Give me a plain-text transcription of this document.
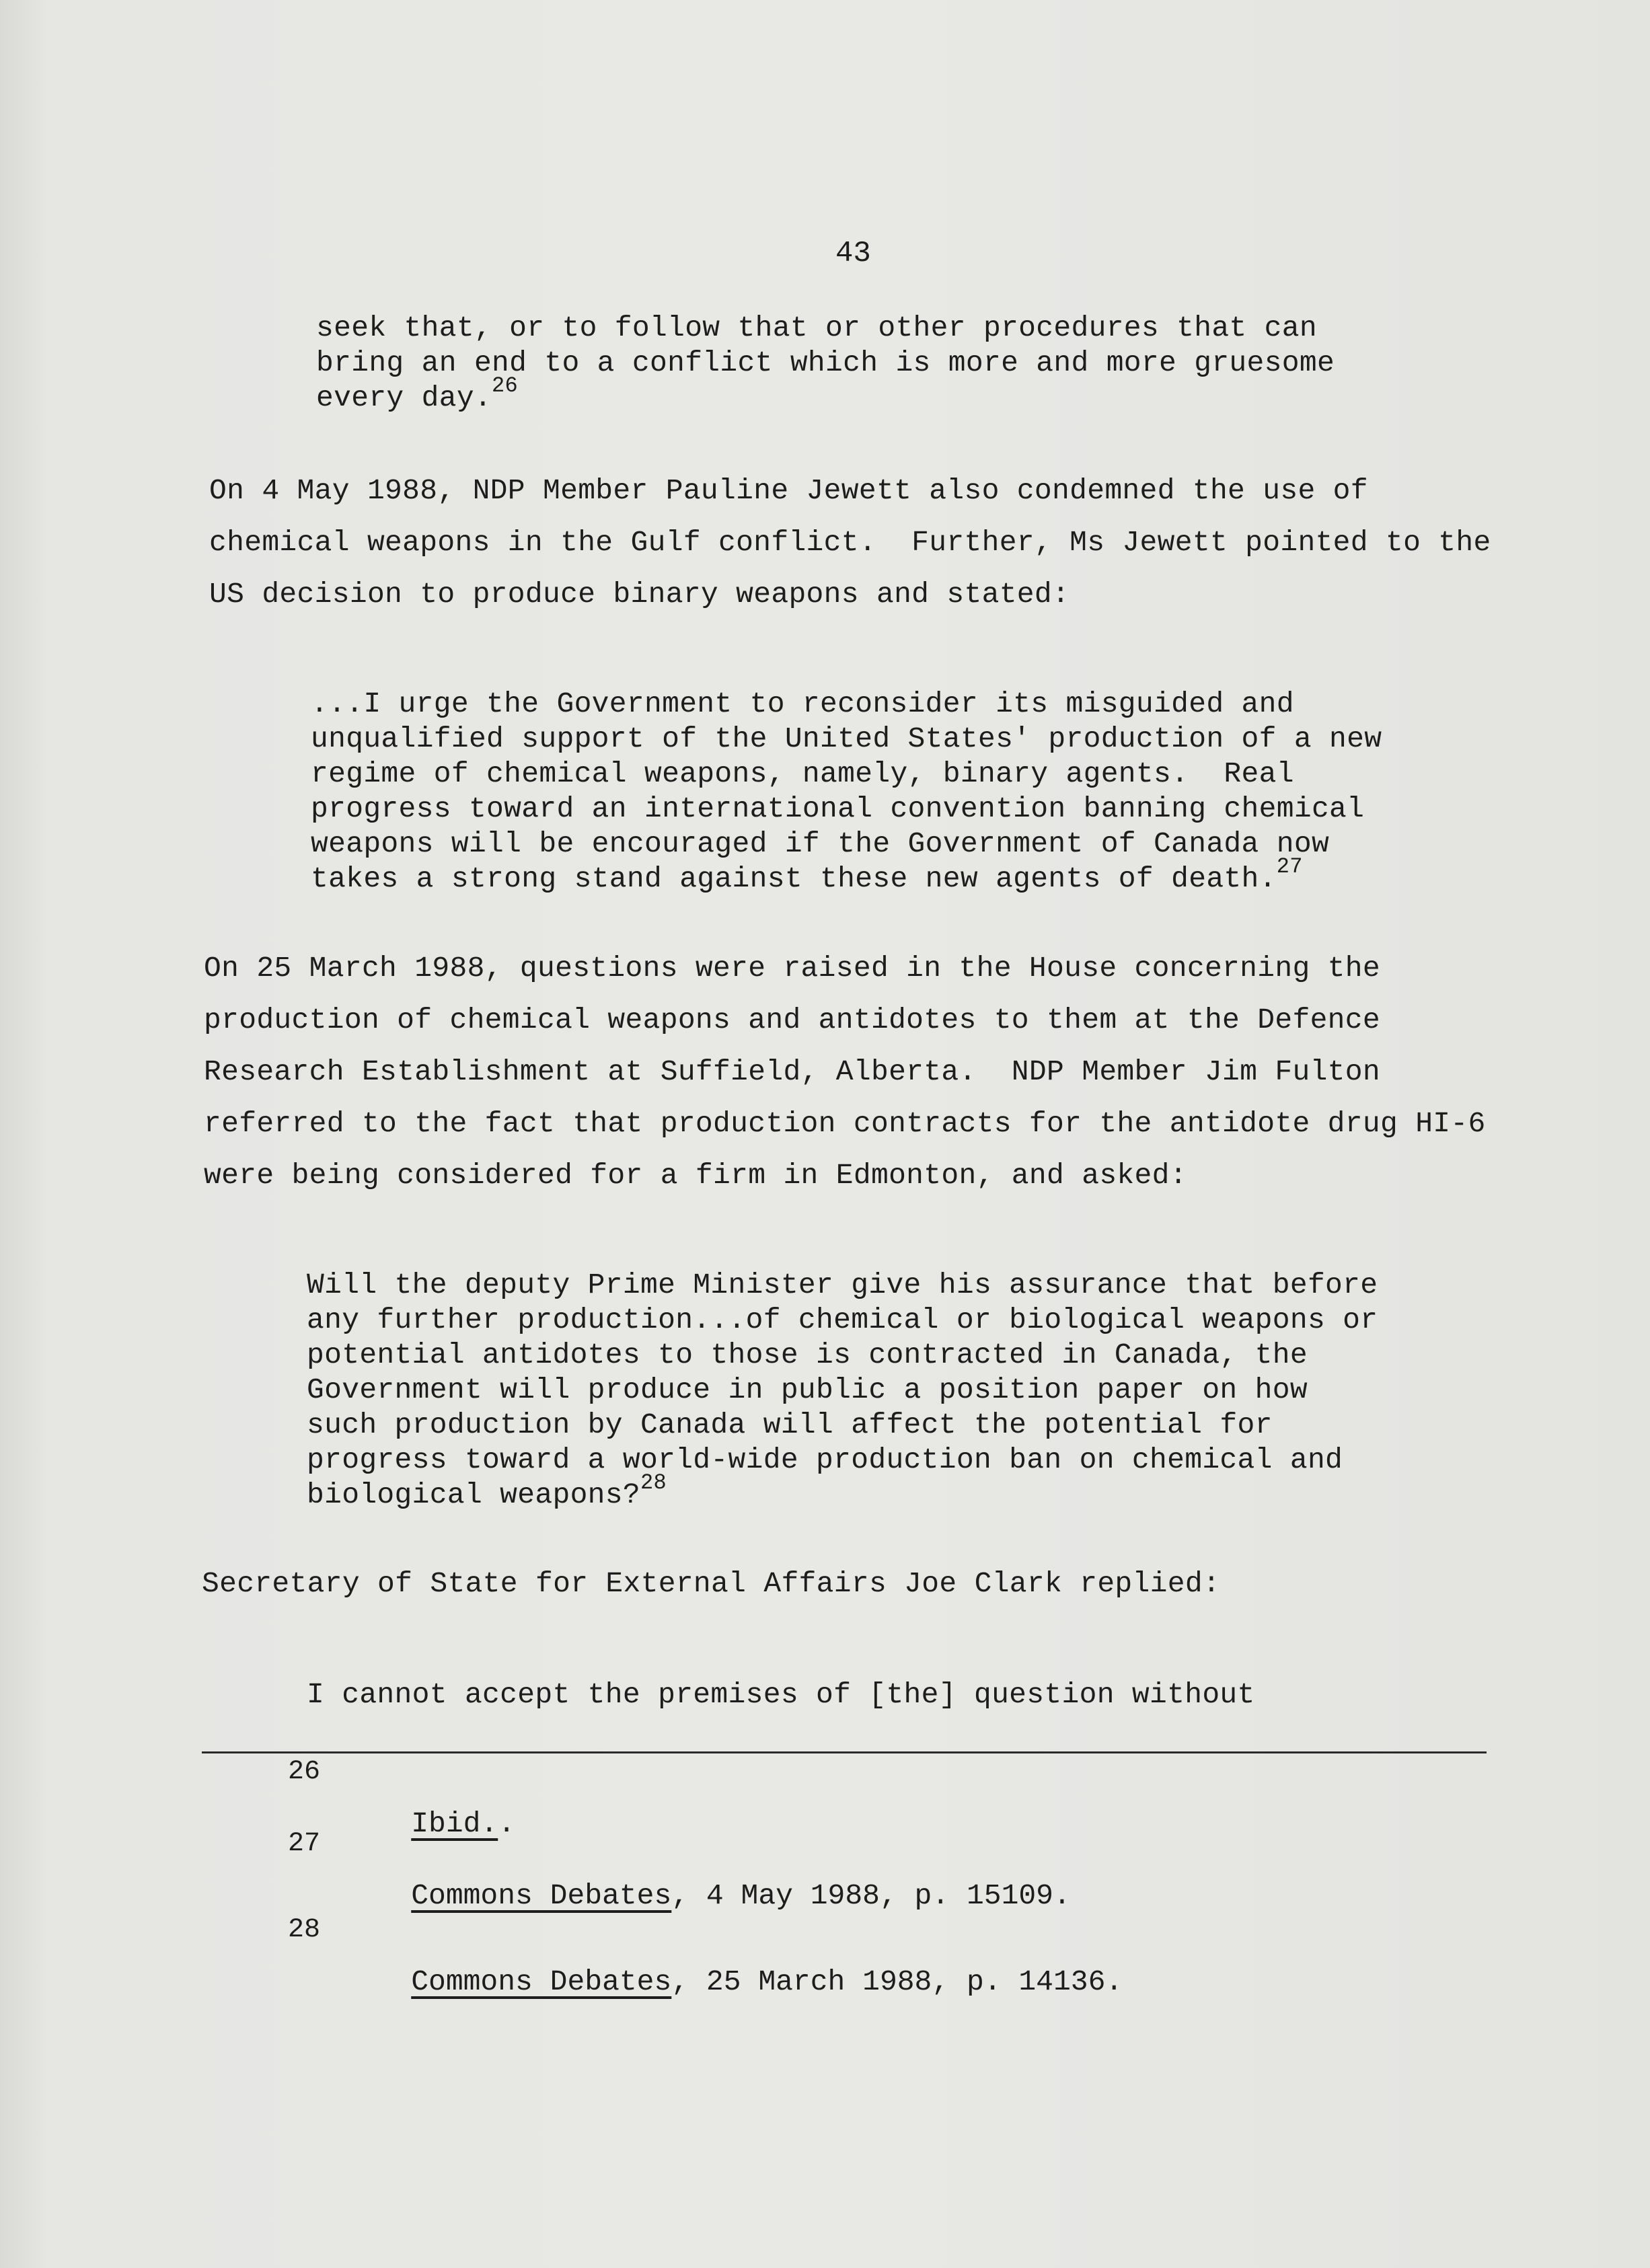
43
seek that, or to follow that or other procedures that can
bring an end to a conflict which is more and more gruesome
every day.$^{26}$
On 4 May 1988, NDP Member Pauline Jewett also condemned the use of
chemical weapons in the Gulf conflict.  Further, Ms Jewett pointed to the
US decision to produce binary weapons and stated:
...I urge the Government to reconsider its misguided and
unqualified support of the United States' production of a new
regime of chemical weapons, namely, binary agents.  Real
progress toward an international convention banning chemical
weapons will be encouraged if the Government of Canada now
takes a strong stand against these new agents of death.$^{27}$
On 25 March 1988, questions were raised in the House concerning the
production of chemical weapons and antidotes to them at the Defence
Research Establishment at Suffield, Alberta.  NDP Member Jim Fulton
referred to the fact that production contracts for the antidote drug HI-6
were being considered for a firm in Edmonton, and asked:
Will the deputy Prime Minister give his assurance that before
any further production...of chemical or biological weapons or
potential antidotes to those is contracted in Canada, the
Government will produce in public a position paper on how
such production by Canada will affect the potential for
progress toward a world-wide production ban on chemical and
biological weapons?$^{28}$
Secretary of State for External Affairs Joe Clark replied:
I cannot accept the premises of [the] question without

26
Ibid..

27
Commons Debates, 4 May 1988, p. 15109.

28
Commons Debates, 25 March 1988, p. 14136.
